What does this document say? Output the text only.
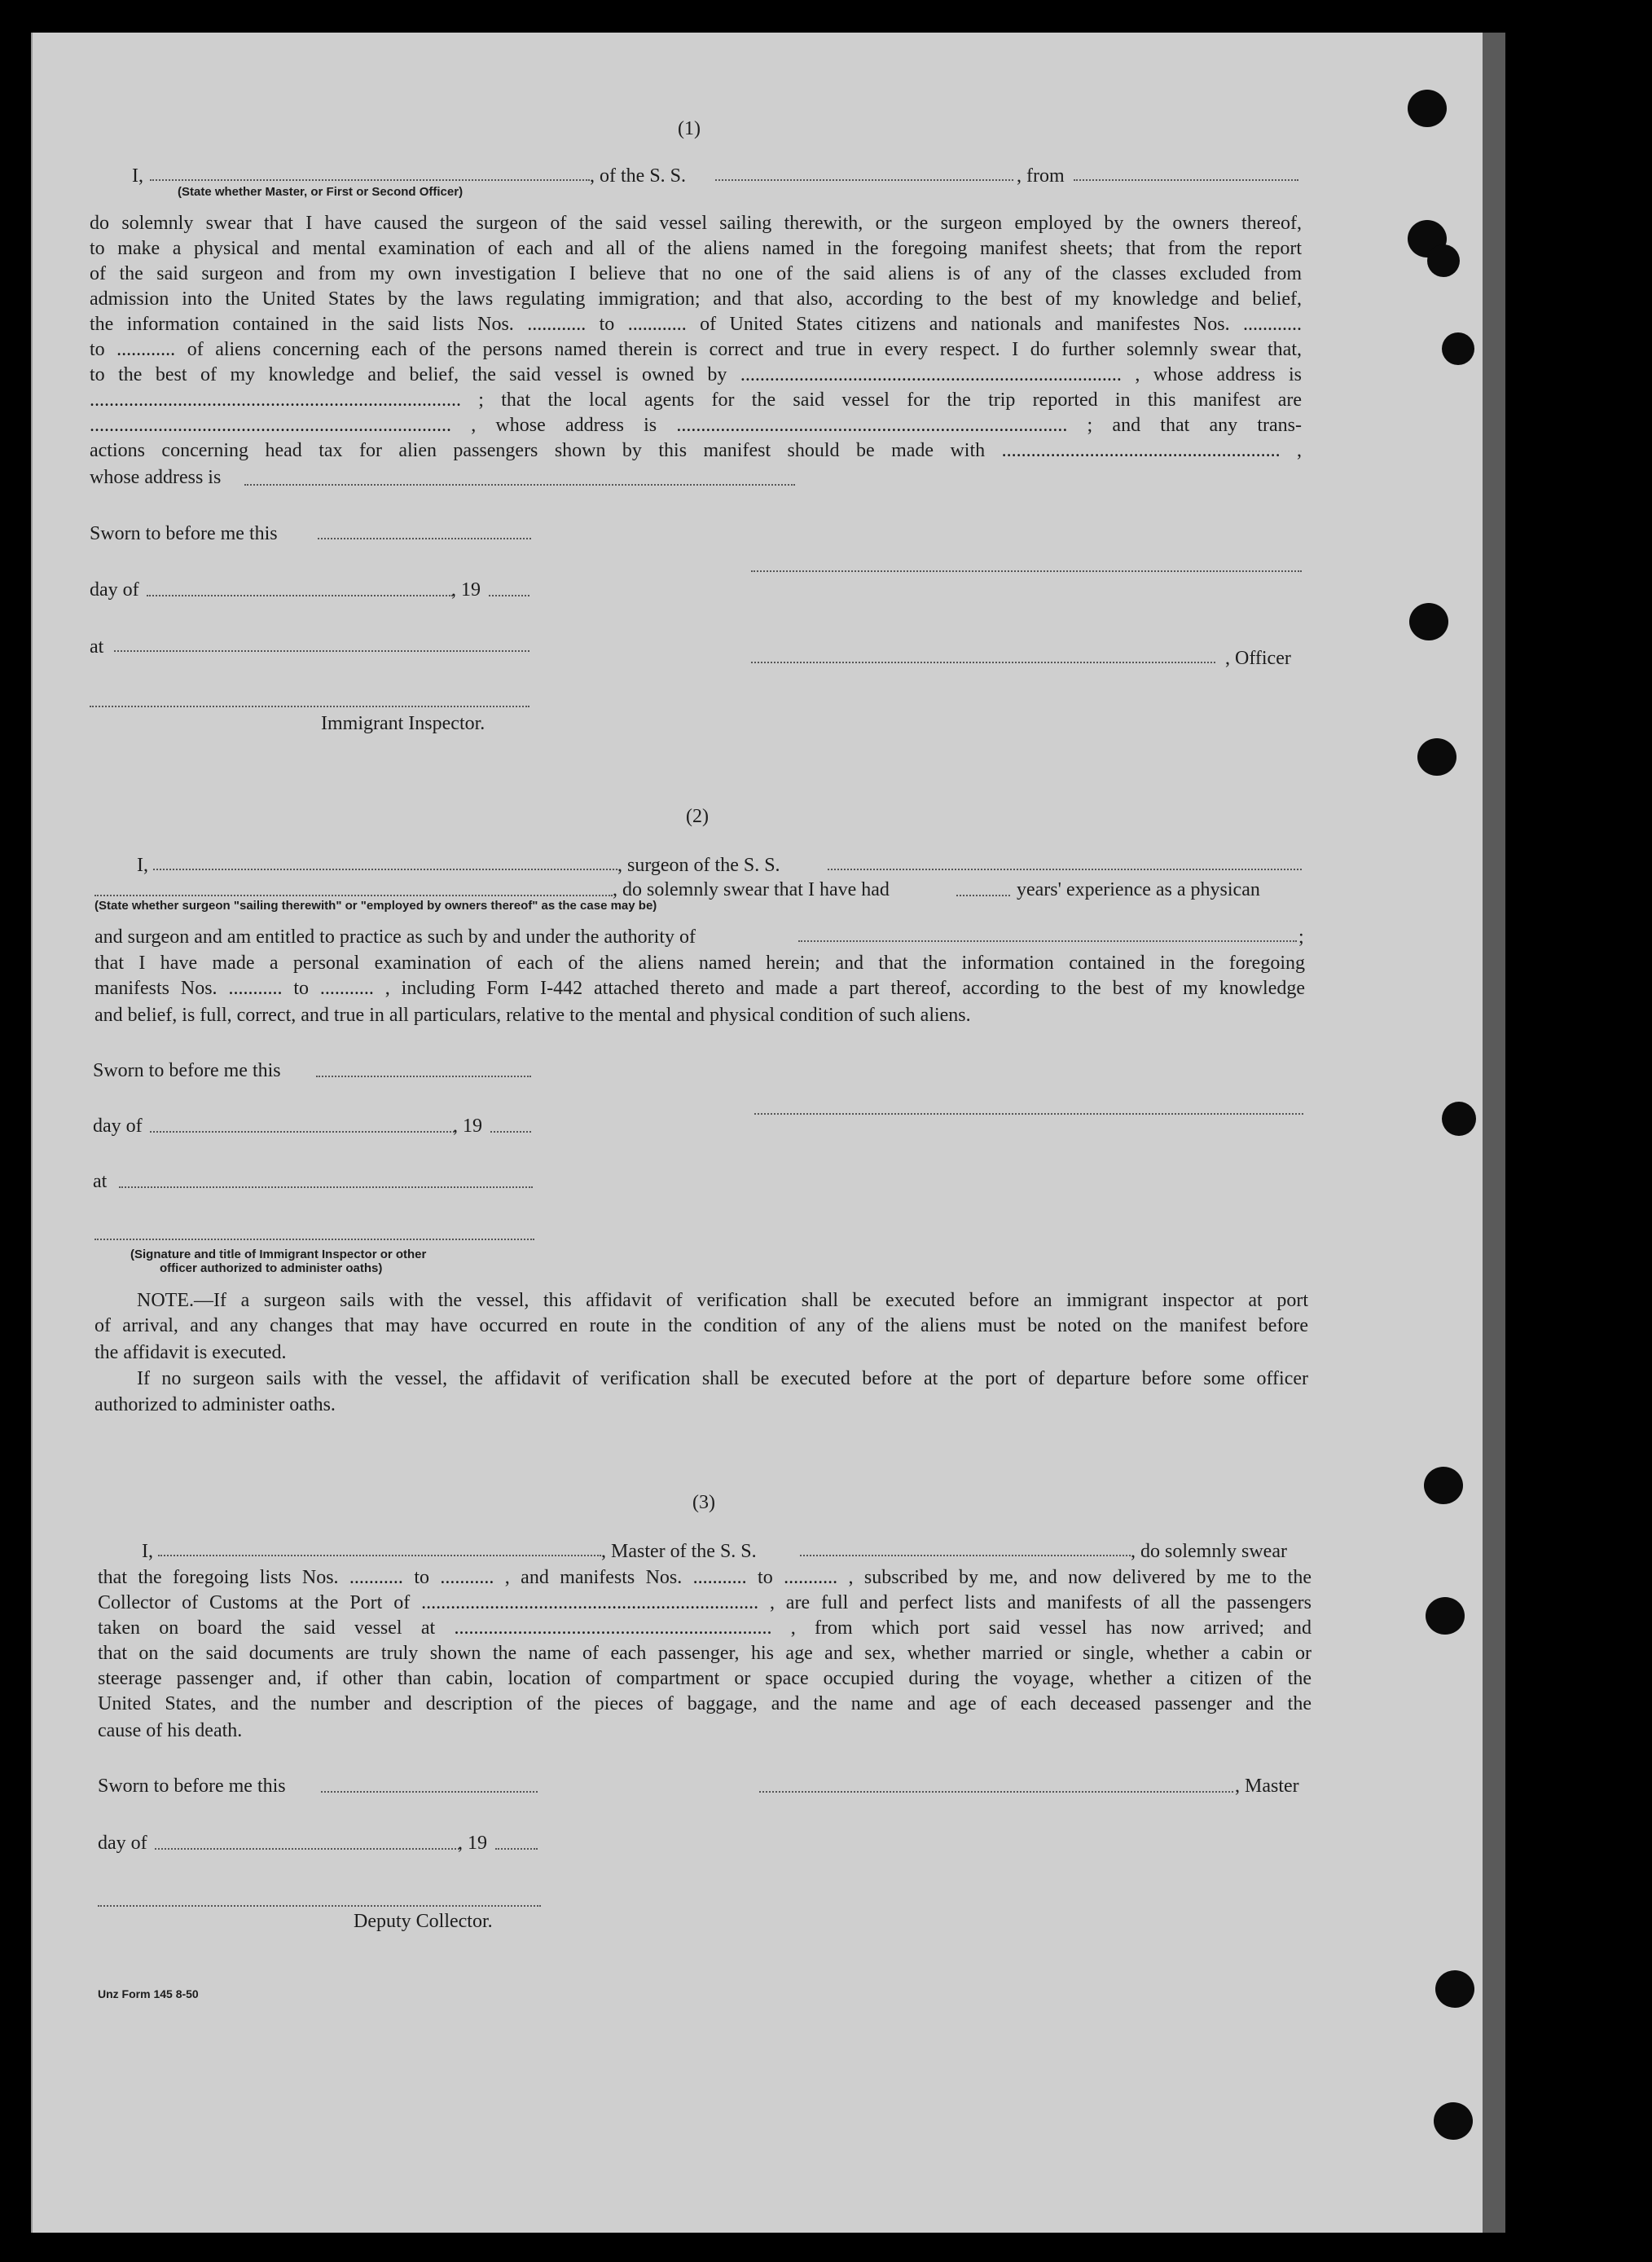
(1)
I,	, of the S. S.	, from
(State whether Master, or First or Second Officer)
do solemnly swear that I have caused the surgeon of the said vessel sailing therewith, or the surgeon employed by the owners thereof,
to make a physical and mental examination of each and all of the aliens named in the foregoing manifest sheets; that from the report
of the said surgeon and from my own investigation I believe that no one of the said aliens is of any of the classes excluded from
admission into the United States by the laws regulating immigration; and that also, according to the best of my knowledge and belief,
the information contained in the said lists Nos. ............ to ............ of United States citizens and nationals and manifestes Nos. ............
to ............ of aliens concerning each of the persons named therein is correct and true in every respect. I do further solemnly swear that,
to the best of my knowledge and belief, the said vessel is owned by .............................................................................. , whose address is
............................................................................ ; that the local agents for the said vessel for the trip reported in this manifest are
.......................................................................... , whose address is ................................................................................ ; and that any trans-
actions concerning head tax for alien passengers shown by this manifest should be made with ......................................................... ,
whose address is
Sworn to before me this
day of	, 19
at
, Officer
Immigrant Inspector.
(2)
I,	, surgeon of the S. S.
, do solemnly swear that I have had	years' experience as a physican
(State whether surgeon "sailing therewith" or "employed by owners thereof" as the case may be)
and surgeon and am entitled to practice as such by and under the authority of	;
that I have made a personal examination of each of the aliens named herein; and that the information contained in the foregoing
manifests Nos. ........... to ........... , including Form I-442 attached thereto and made a part thereof, according to the best of my knowledge
and belief, is full, correct, and true in all particulars, relative to the mental and physical condition of such aliens.
Sworn to before me this
day of	, 19
at
(Signature and title of Immigrant Inspector or other
officer authorized to administer oaths)
NOTE.—If a surgeon sails with the vessel, this affidavit of verification shall be executed before an immigrant inspector at port
of arrival, and any changes that may have occurred en route in the condition of any of the aliens must be noted on the manifest before
the affidavit is executed.
If no surgeon sails with the vessel, the affidavit of verification shall be executed before at the port of departure before some officer
authorized to administer oaths.
(3)
I,	, Master of the S. S.	, do solemnly swear
that the foregoing lists Nos. ........... to ........... , and manifests Nos. ........... to ........... , subscribed by me, and now delivered by me to the
Collector of Customs at the Port of ..................................................................... , are full and perfect lists and manifests of all the passengers
taken on board the said vessel at ................................................................. , from which port said vessel has now arrived; and
that on the said documents are truly shown the name of each passenger, his age and sex, whether married or single, whether a cabin or
steerage passenger and, if other than cabin, location of compartment or space occupied during the voyage, whether a citizen of the
United States, and the number and description of the pieces of baggage, and the name and age of each deceased passenger and the
cause of his death.
Sworn to before me this	, Master
day of	, 19
Deputy Collector.
Unz Form 145 8-50
